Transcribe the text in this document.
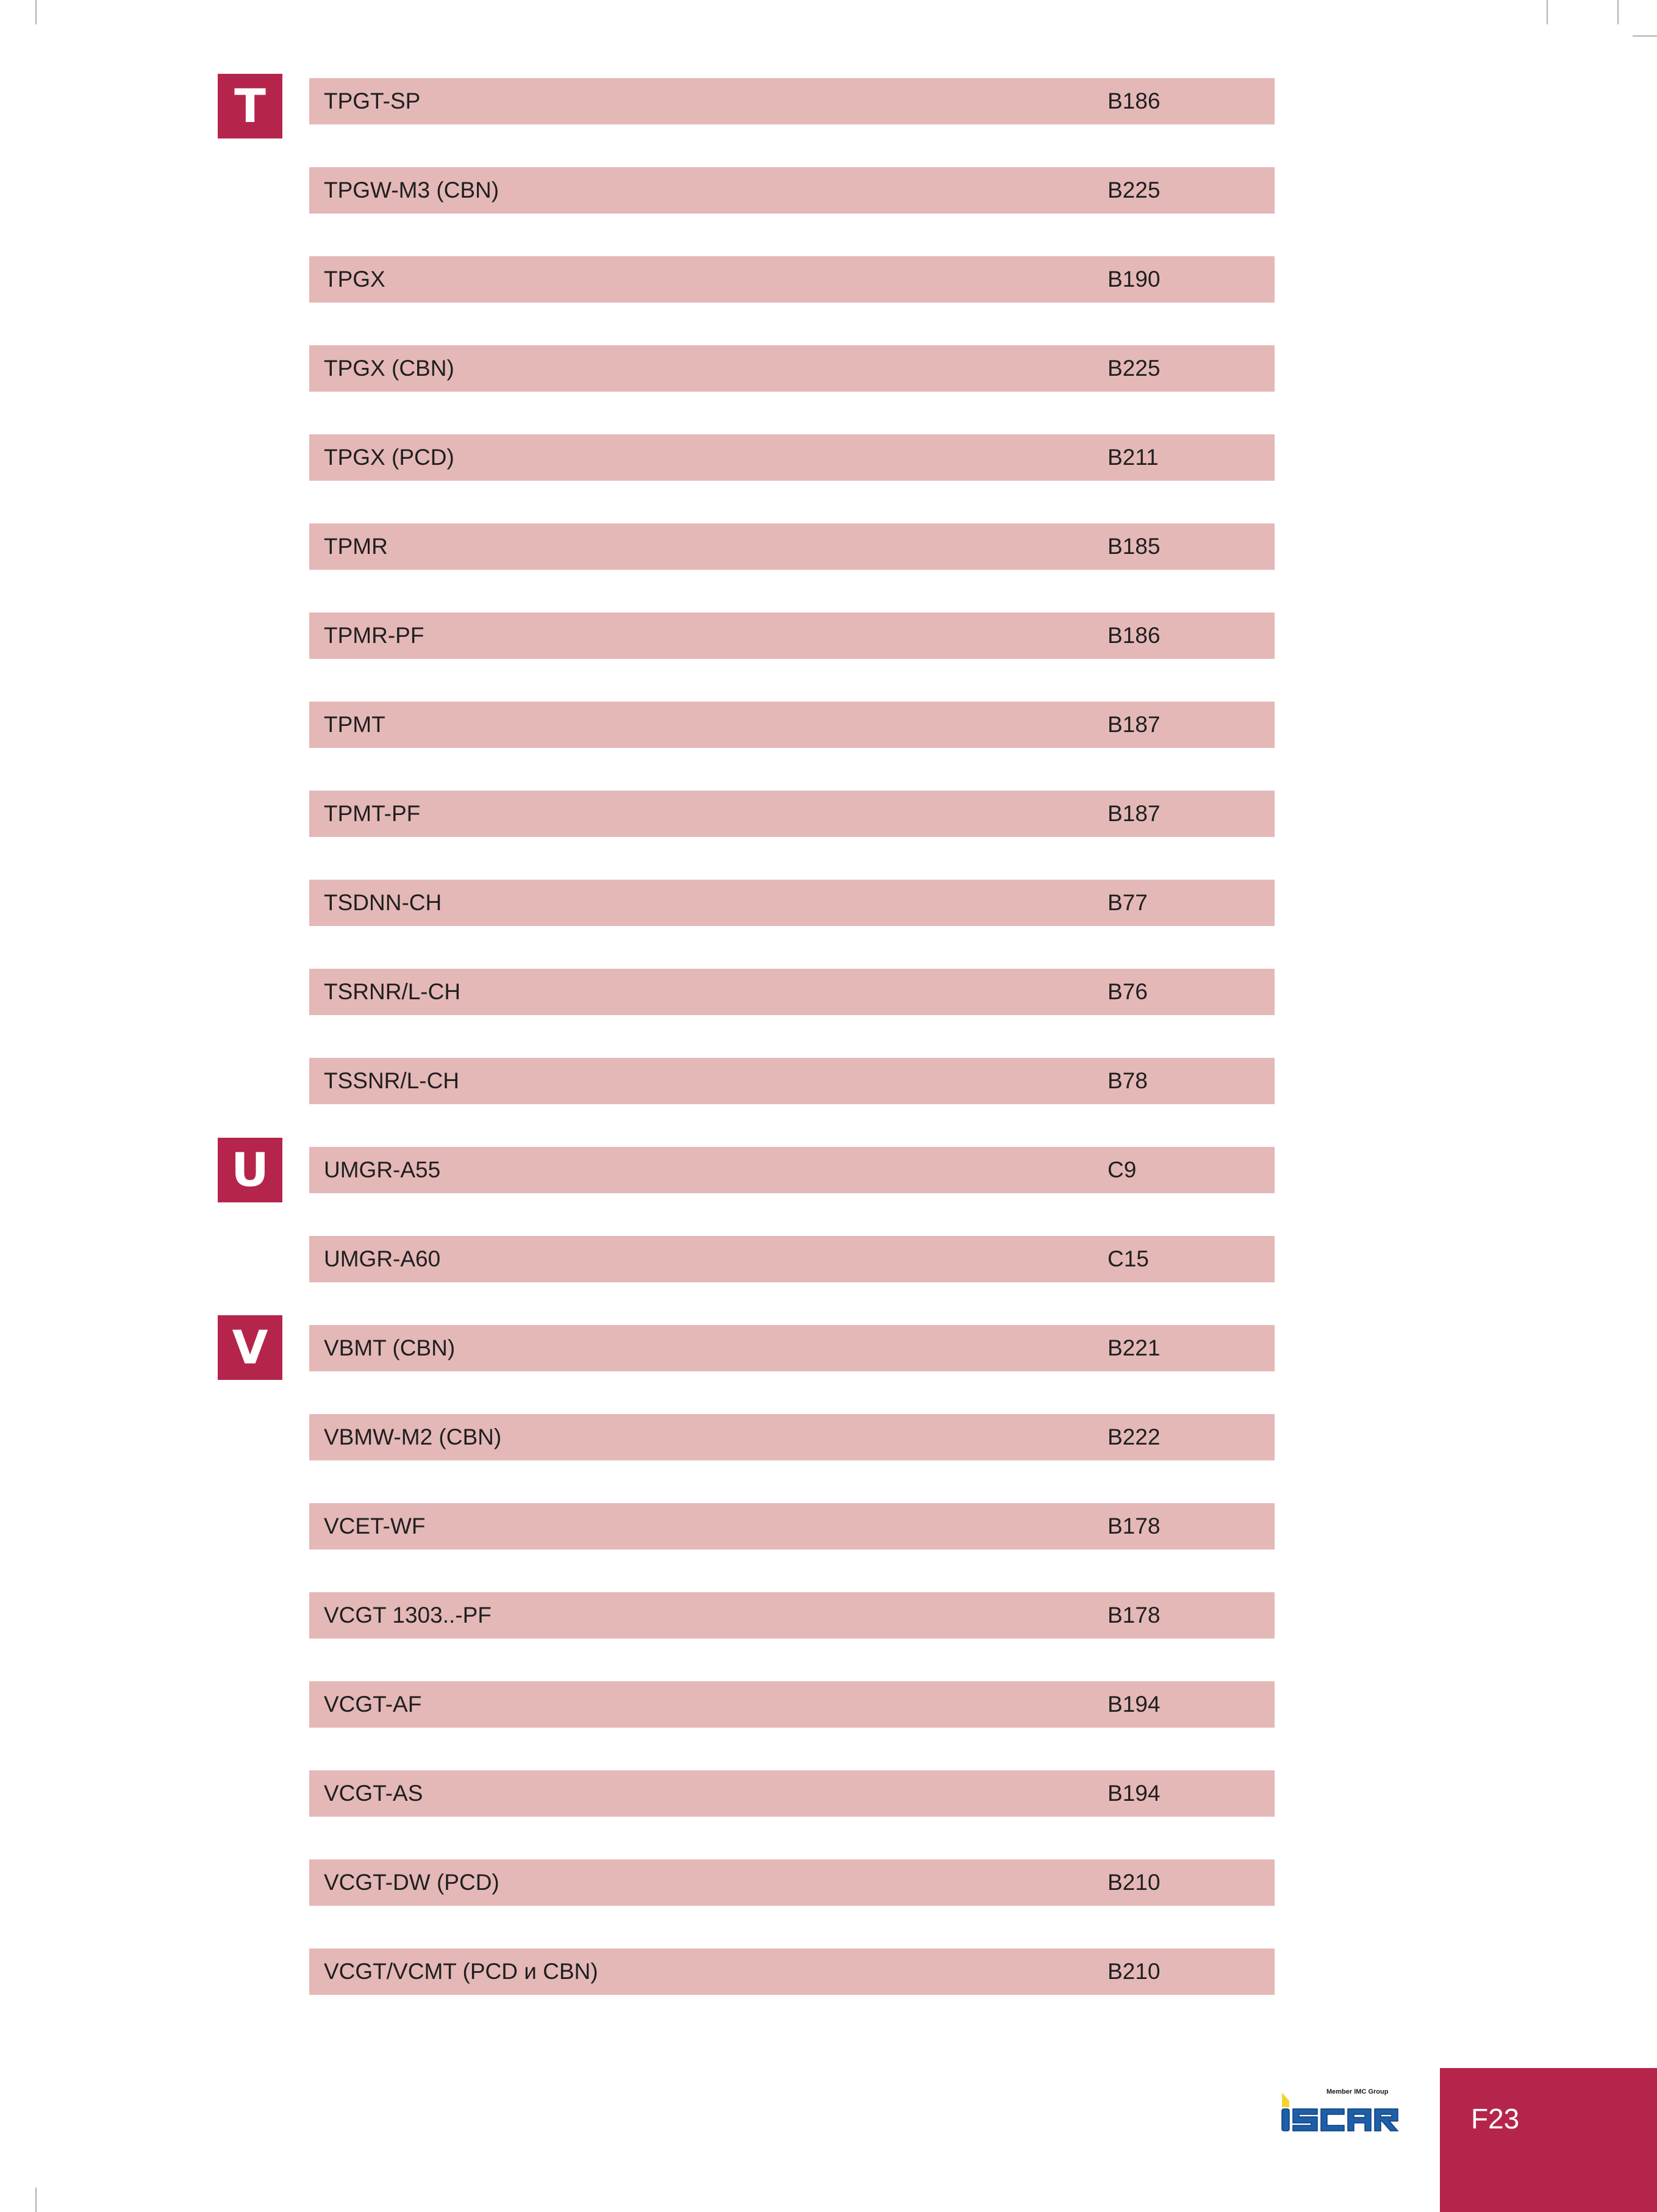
T
U
V
TPGT-SP	B186
TPGW-M3 (CBN)	B225
TPGX	B190
TPGX (CBN)	B225
TPGX (PCD)	B211
TPMR	B185
TPMR-PF	B186
TPMT	B187
TPMT-PF	B187
TSDNN-CH	B77
TSRNR/L-CH	B76
TSSNR/L-CH	B78
UMGR-A55	C9
UMGR-A60	C15
VBMT (CBN)	B221
VBMW-M2 (CBN)	B222
VCET-WF	B178
VCGT 1303..-PF	B178
VCGT-AF	B194
VCGT-AS	B194
VCGT-DW (PCD)	B210
VCGT/VCMT (PCD и CBN)	B210
Member IMC Group
F23
